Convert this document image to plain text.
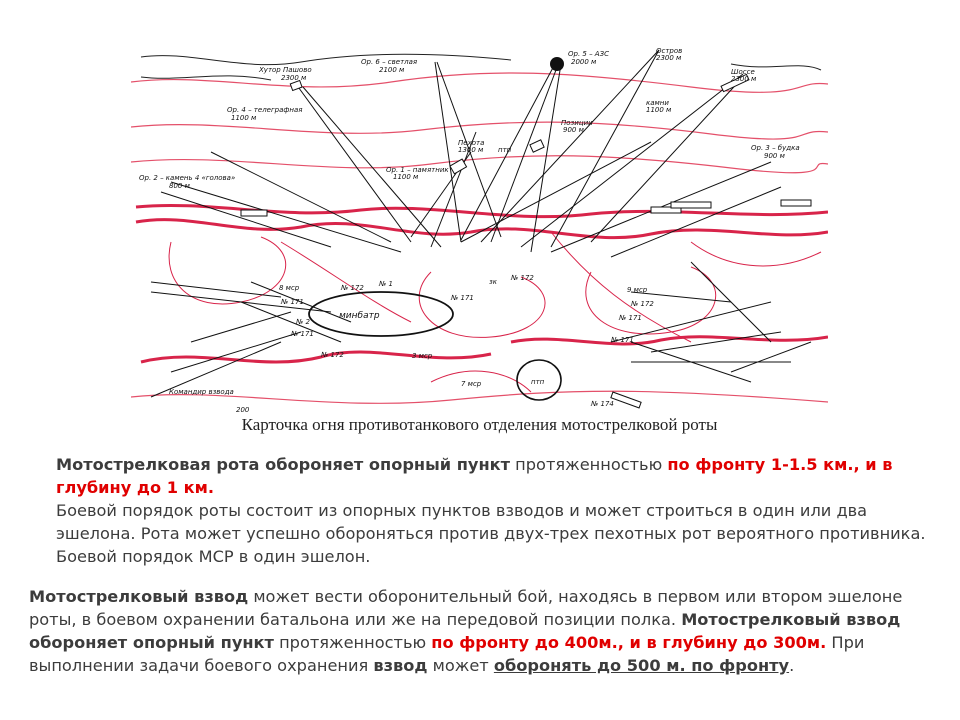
Хутор Пашово
2300 м
Ор. 6 – светлая
2100 м
Ор. 5 – АЗС
2000 м
Остров
2300 м
Шоссе
2300 м
Ор. 4 – телеграфная
1100 м
Пехота
1300 м птп
Позиции
900 м
камни
1100 м
Ор. 3 – будка
900 м
Ор. 1 – памятник
1100 м
Ор. 2 – камень 4 «голова»
800 м
минбатр
8 мср	9 мср
3 мср
7 мср	птп
№ 171
№ 172
№ 171
№ 172
№ 2
№ 171
№ 172
№ 1
№ 172
№ 171
№ 174
№ 171
Командир взвода
200
зк
Карточка огня противотанкового отделения мотострелковой роты

Мотострелковая рота обороняет опорный пункт протяженностью по фронту 1-1.5 км., и в глубину до 1 км.
Боевой порядок роты состоит из опорных пунктов взводов и может строиться в один или два эшелона. Рота может успешно обороняться против двух-трех пехотных рот вероятного противника. Боевой порядок МСР в один эшелон.

Мотострелковый взвод может вести оборонительный бой, находясь в первом или втором эшелоне роты, в боевом охранении батальона или же на передовой позиции полка. Мотострелковый взвод обороняет опорный пункт протяженностью по фронту до 400м., и в глубину до 300м. При выполнении задачи боевого охранения взвод может оборонять до 500 м. по фронту.
